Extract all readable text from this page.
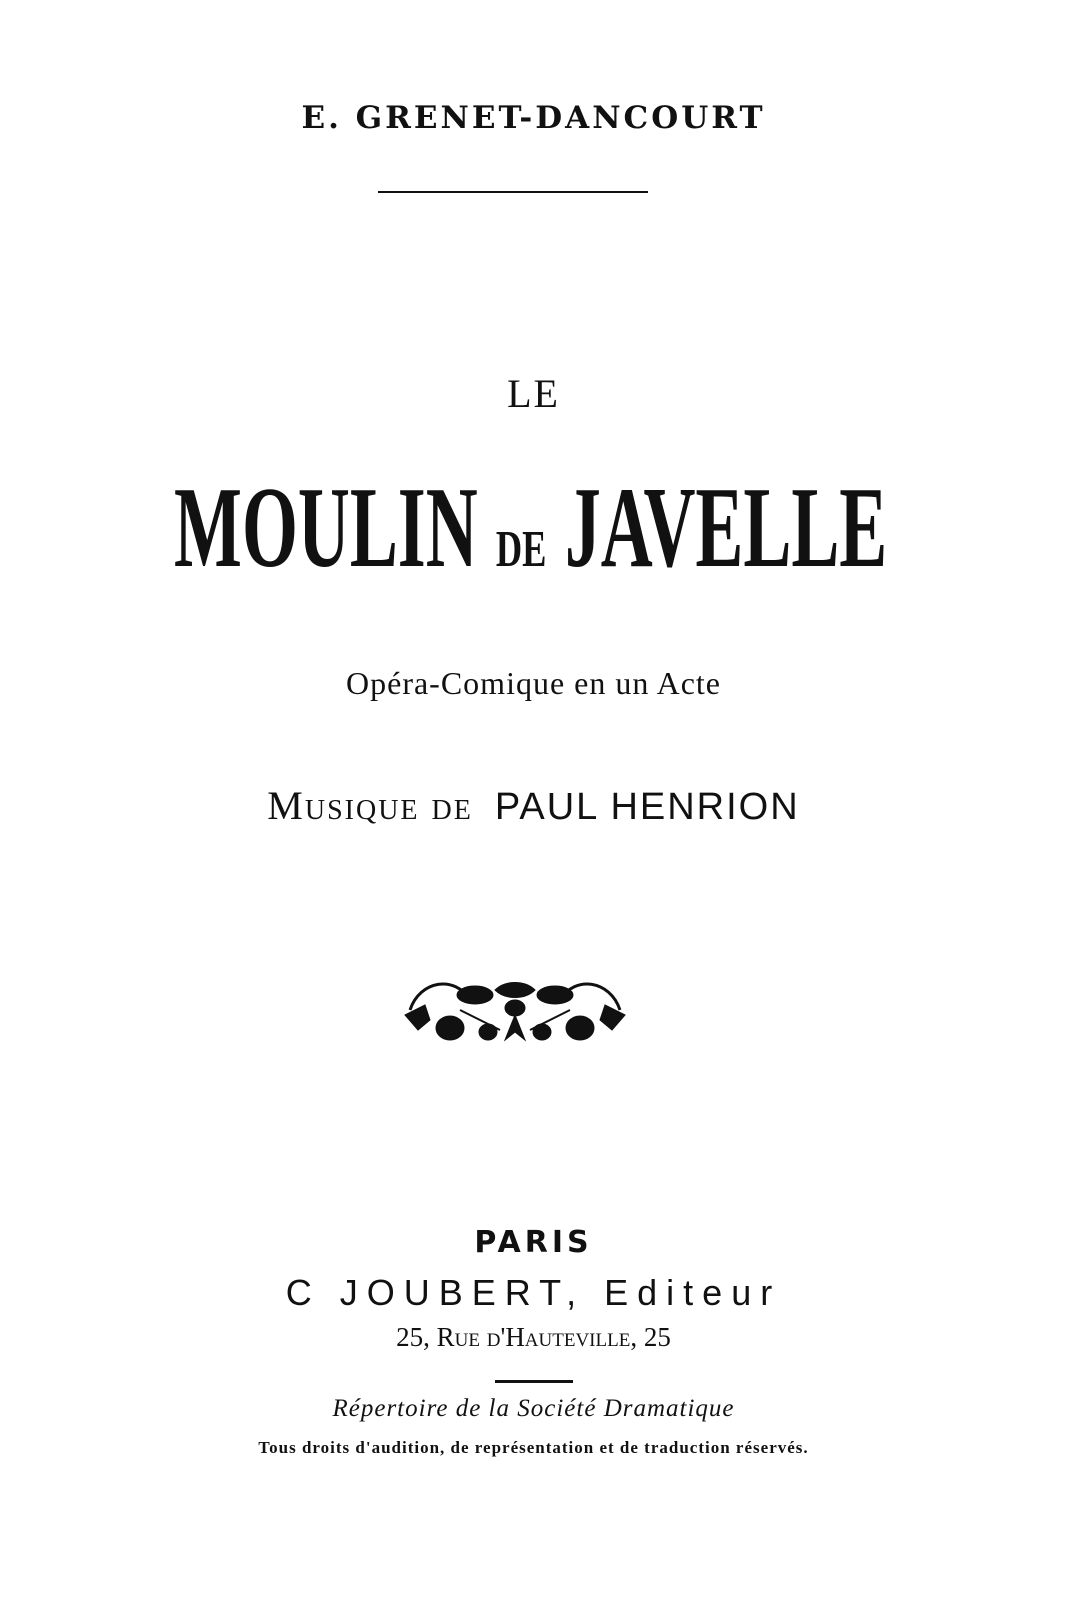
E. GRENET-DANCOURT
LE
MOULIN DE JAVELLE
Opéra-Comique en un Acte
Musique de PAUL HENRION
PARIS
C JOUBERT, Editeur
25, Rue d'Hauteville, 25
Répertoire de la Société Dramatique
Tous droits d'audition, de représentation et de traduction réservés.
